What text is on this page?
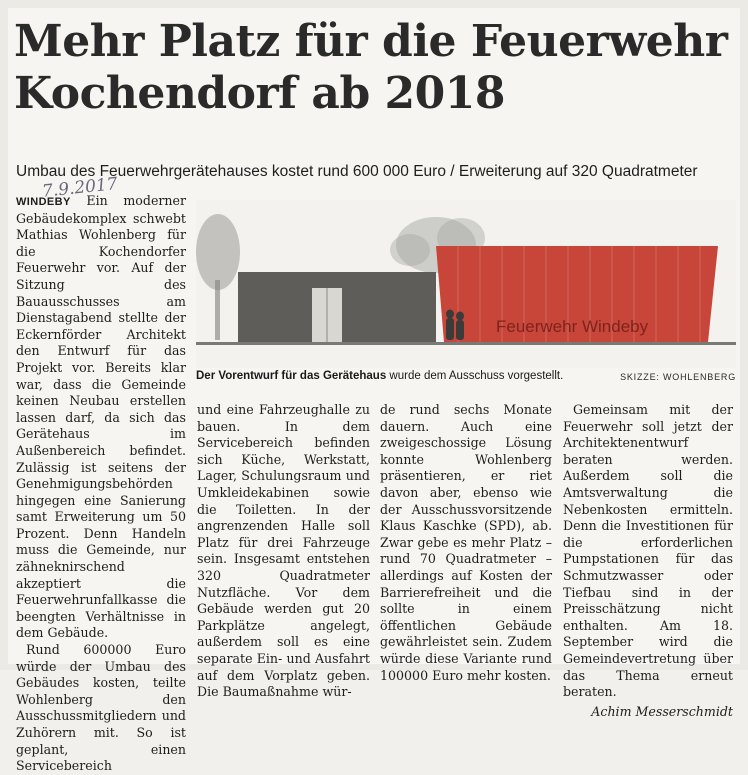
Mehr Platz für die Feuerwehr Kochendorf ab 2018

Umbau des Feuerwehrgerätehauses kostet rund 600 000 Euro / Erweiterung auf 320 Quadratmeter

7.9.2017

WINDEBY Ein moderner Gebäudekomplex schwebt Mathias Wohlenberg für die Kochendorfer Feuerwehr vor. Auf der Sitzung des Bauausschusses am Dienstagabend stellte der Eckernförder Architekt den Entwurf für das Projekt vor. Bereits klar war, dass die Gemeinde keinen Neubau erstellen lassen darf, da sich das Gerätehaus im Außenbereich befindet. Zulässig ist seitens der Genehmigungsbehörden hingegen eine Sanierung samt Erweiterung um 50 Prozent. Denn Handeln muss die Gemeinde, nur zähneknirschend akzeptiert die Feuerwehrunfallkasse die beengten Verhältnisse in dem Gebäude.

Rund 600000 Euro würde der Umbau des Gebäudes kosten, teilte Wohlenberg den Ausschussmitgliedern und Zuhörern mit. So ist geplant, einen Servicebereich

Feuerwehr Windeby
Der Vorentwurf für das Gerätehaus wurde dem Ausschuss vorgestellt.	SKIZZE: WOHLENBERG

und eine Fahrzeughalle zu bauen. In dem Servicebereich befinden sich Küche, Werkstatt, Lager, Schulungsraum und Umkleidekabinen sowie die Toiletten. In der angrenzenden Halle soll Platz für drei Fahrzeuge sein. Insgesamt entstehen 320 Quadratmeter Nutzfläche. Vor dem Gebäude werden gut 20 Parkplätze angelegt, außerdem soll es eine separate Ein- und Ausfahrt auf dem Vorplatz geben. Die Baumaßnahme wür-

de rund sechs Monate dauern. Auch eine zweigeschossige Lösung konnte Wohlenberg präsentieren, er riet davon aber, ebenso wie der Ausschussvorsitzende Klaus Kaschke (SPD), ab. Zwar gebe es mehr Platz – rund 70 Quadratmeter – allerdings auf Kosten der Barrierefreiheit und die sollte in einem öffentlichen Gebäude gewährleistet sein. Zudem würde diese Variante rund 100000 Euro mehr kosten.

Gemeinsam mit der Feuerwehr soll jetzt der Architektenentwurf beraten werden. Außerdem soll die Amtsverwaltung die Nebenkosten ermitteln. Denn die Investitionen für die erforderlichen Pumpstationen für das Schmutzwasser oder Tiefbau sind in der Preisschätzung nicht enthalten. Am 18. September wird die Gemeindevertretung über das Thema erneut beraten.

Achim Messerschmidt
